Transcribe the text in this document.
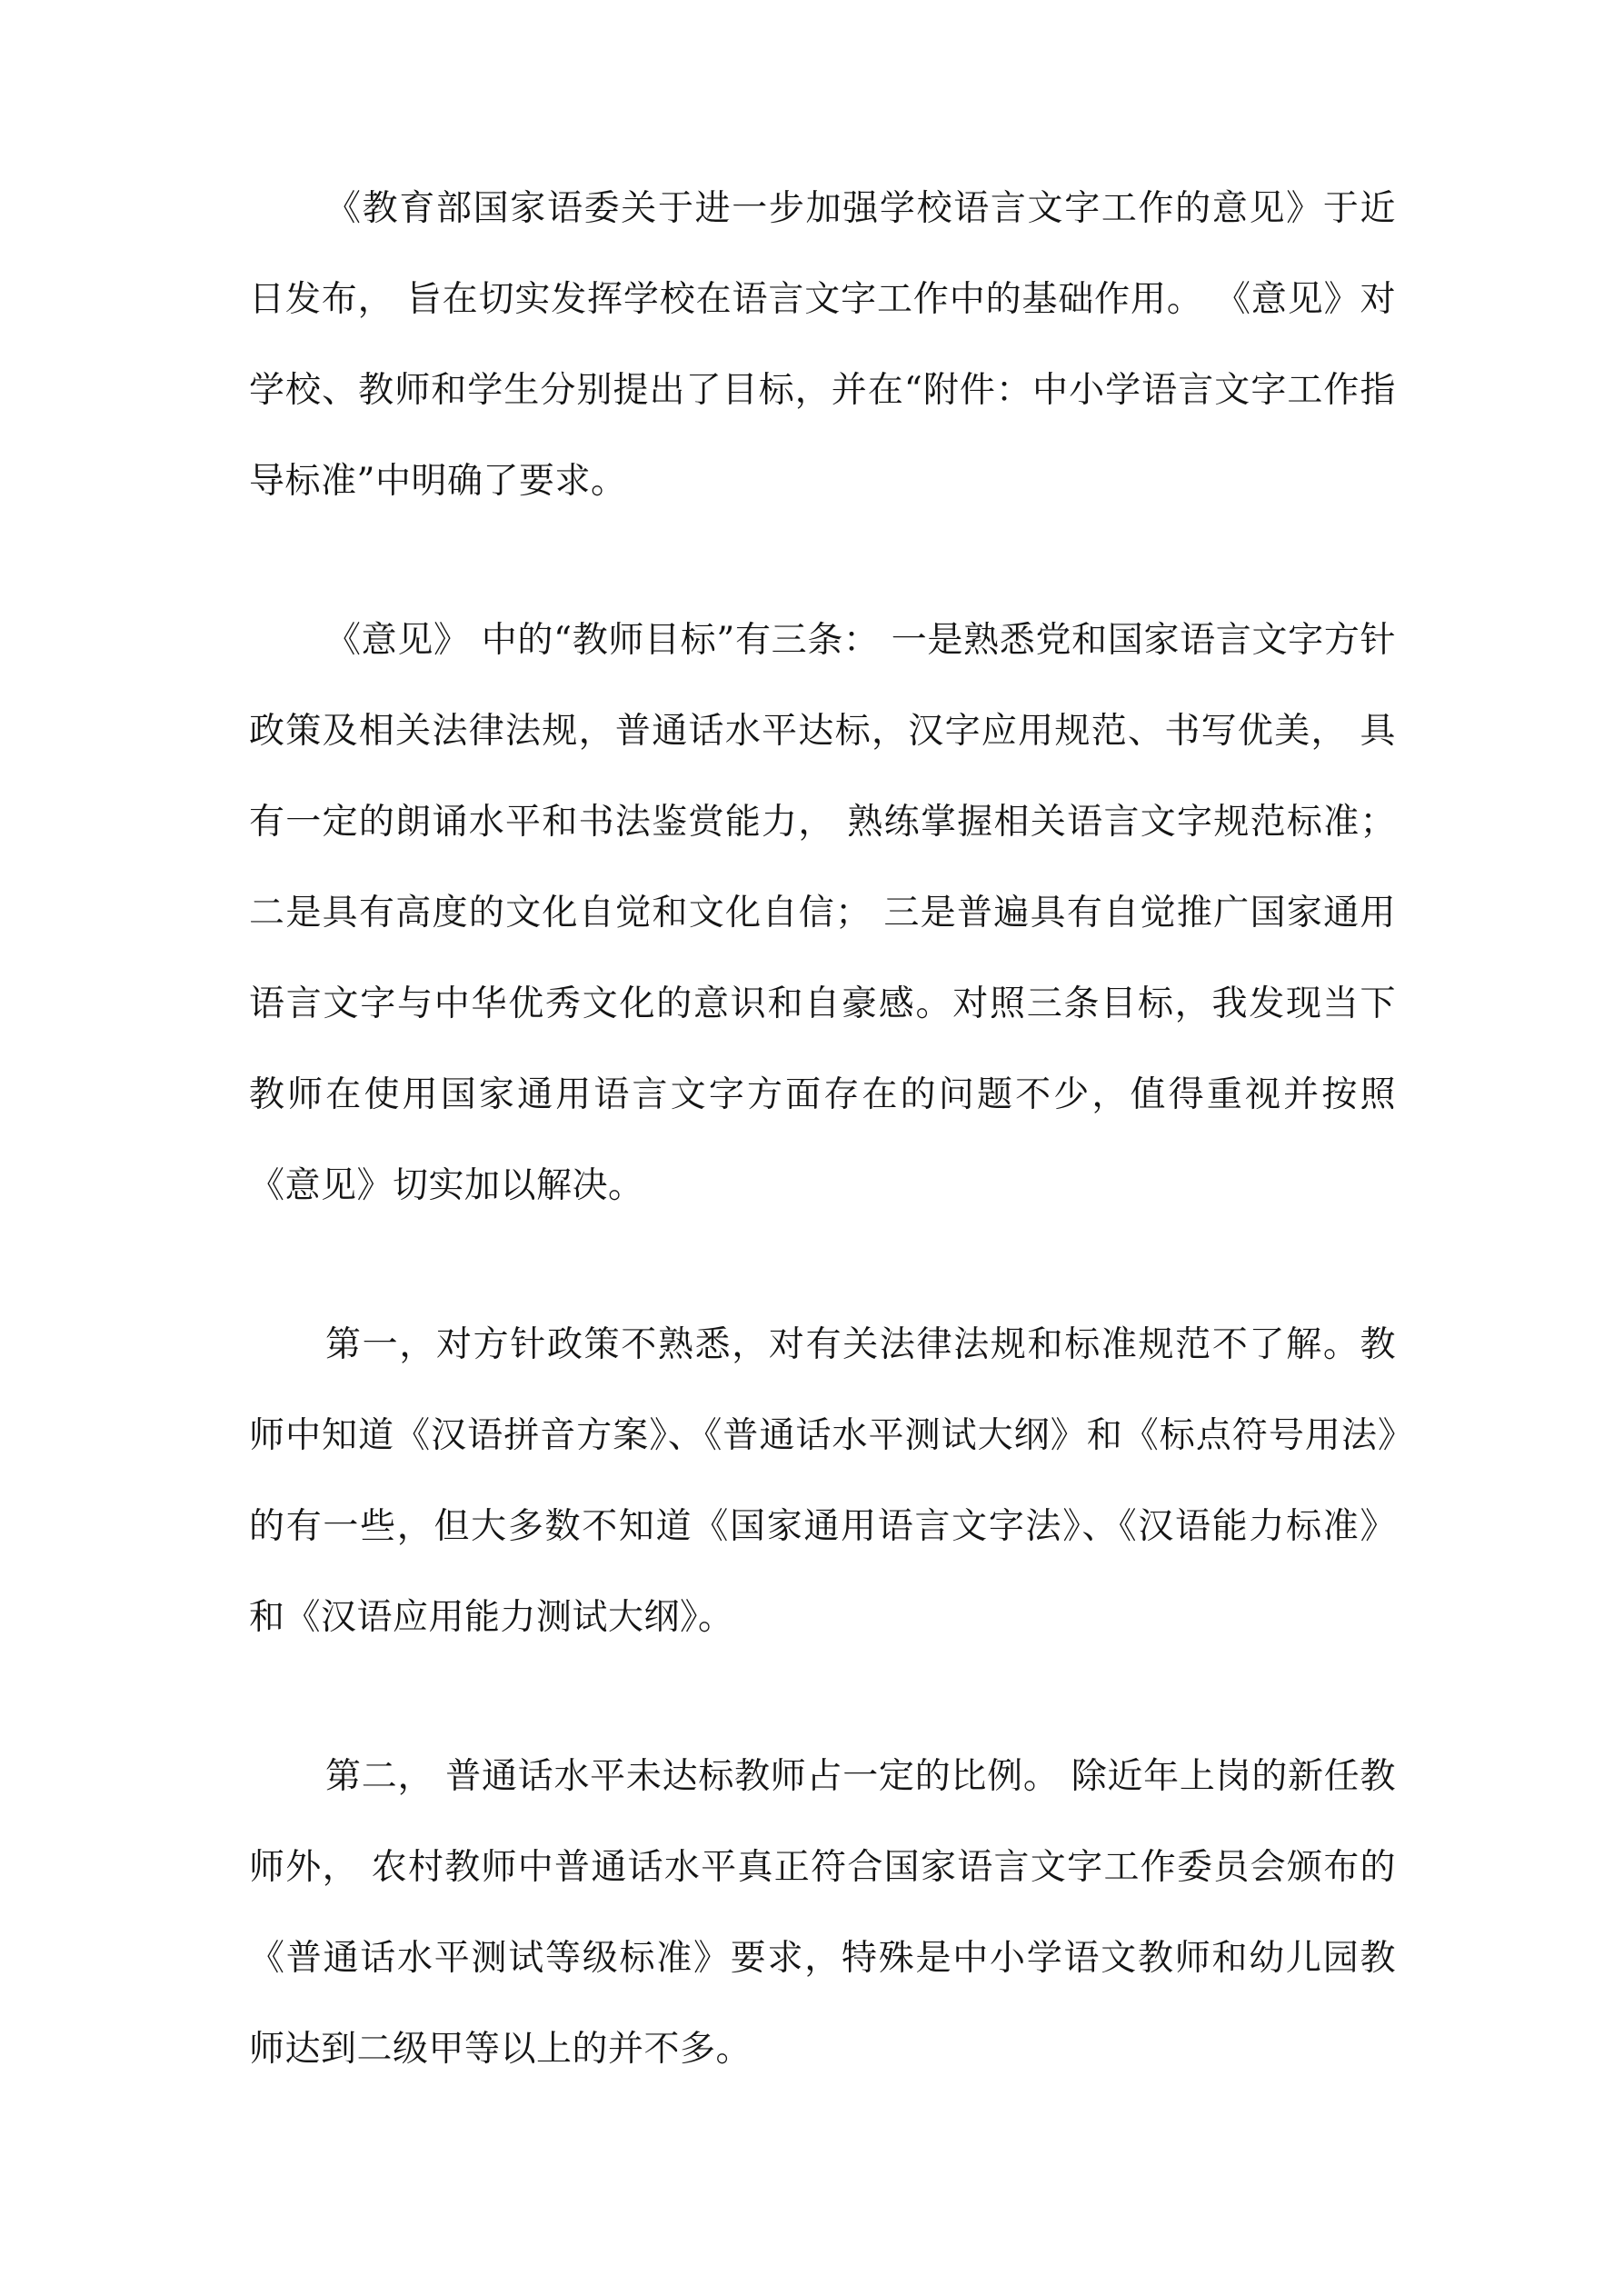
《教育部国家语委关于进一步加强学校语言文字工作的意见》于近日发布， 旨在切实发挥学校在语言文字工作中的基础作用。 《意见》对学校、教师和学生分别提出了目标，并在“附件：中小学语言文字工作指导标准”中明确了要求。

《意见》 中的“教师目标”有三条： 一是熟悉党和国家语言文字方针政策及相关法律法规，普通话水平达标，汉字应用规范、书写优美， 具有一定的朗诵水平和书法鉴赏能力， 熟练掌握相关语言文字规范标准； 二是具有高度的文化自觉和文化自信； 三是普遍具有自觉推广国家通用语言文字与中华优秀文化的意识和自豪感。对照三条目标，我发现当下教师在使用国家通用语言文字方面存在的问题不少，值得重视并按照《意见》切实加以解决。

第一，对方针政策不熟悉，对有关法律法规和标准规范不了解。教师中知道《汉语拼音方案》、《普通话水平测试大纲》和《标点符号用法》的有一些，但大多数不知道《国家通用语言文字法》、《汉语能力标准》和《汉语应用能力测试大纲》。

第二， 普通话水平未达标教师占一定的比例。 除近年上岗的新任教师外， 农村教师中普通话水平真正符合国家语言文字工作委员会颁布的《普通话水平测试等级标准》要求，特殊是中小学语文教师和幼儿园教师达到二级甲等以上的并不多。
